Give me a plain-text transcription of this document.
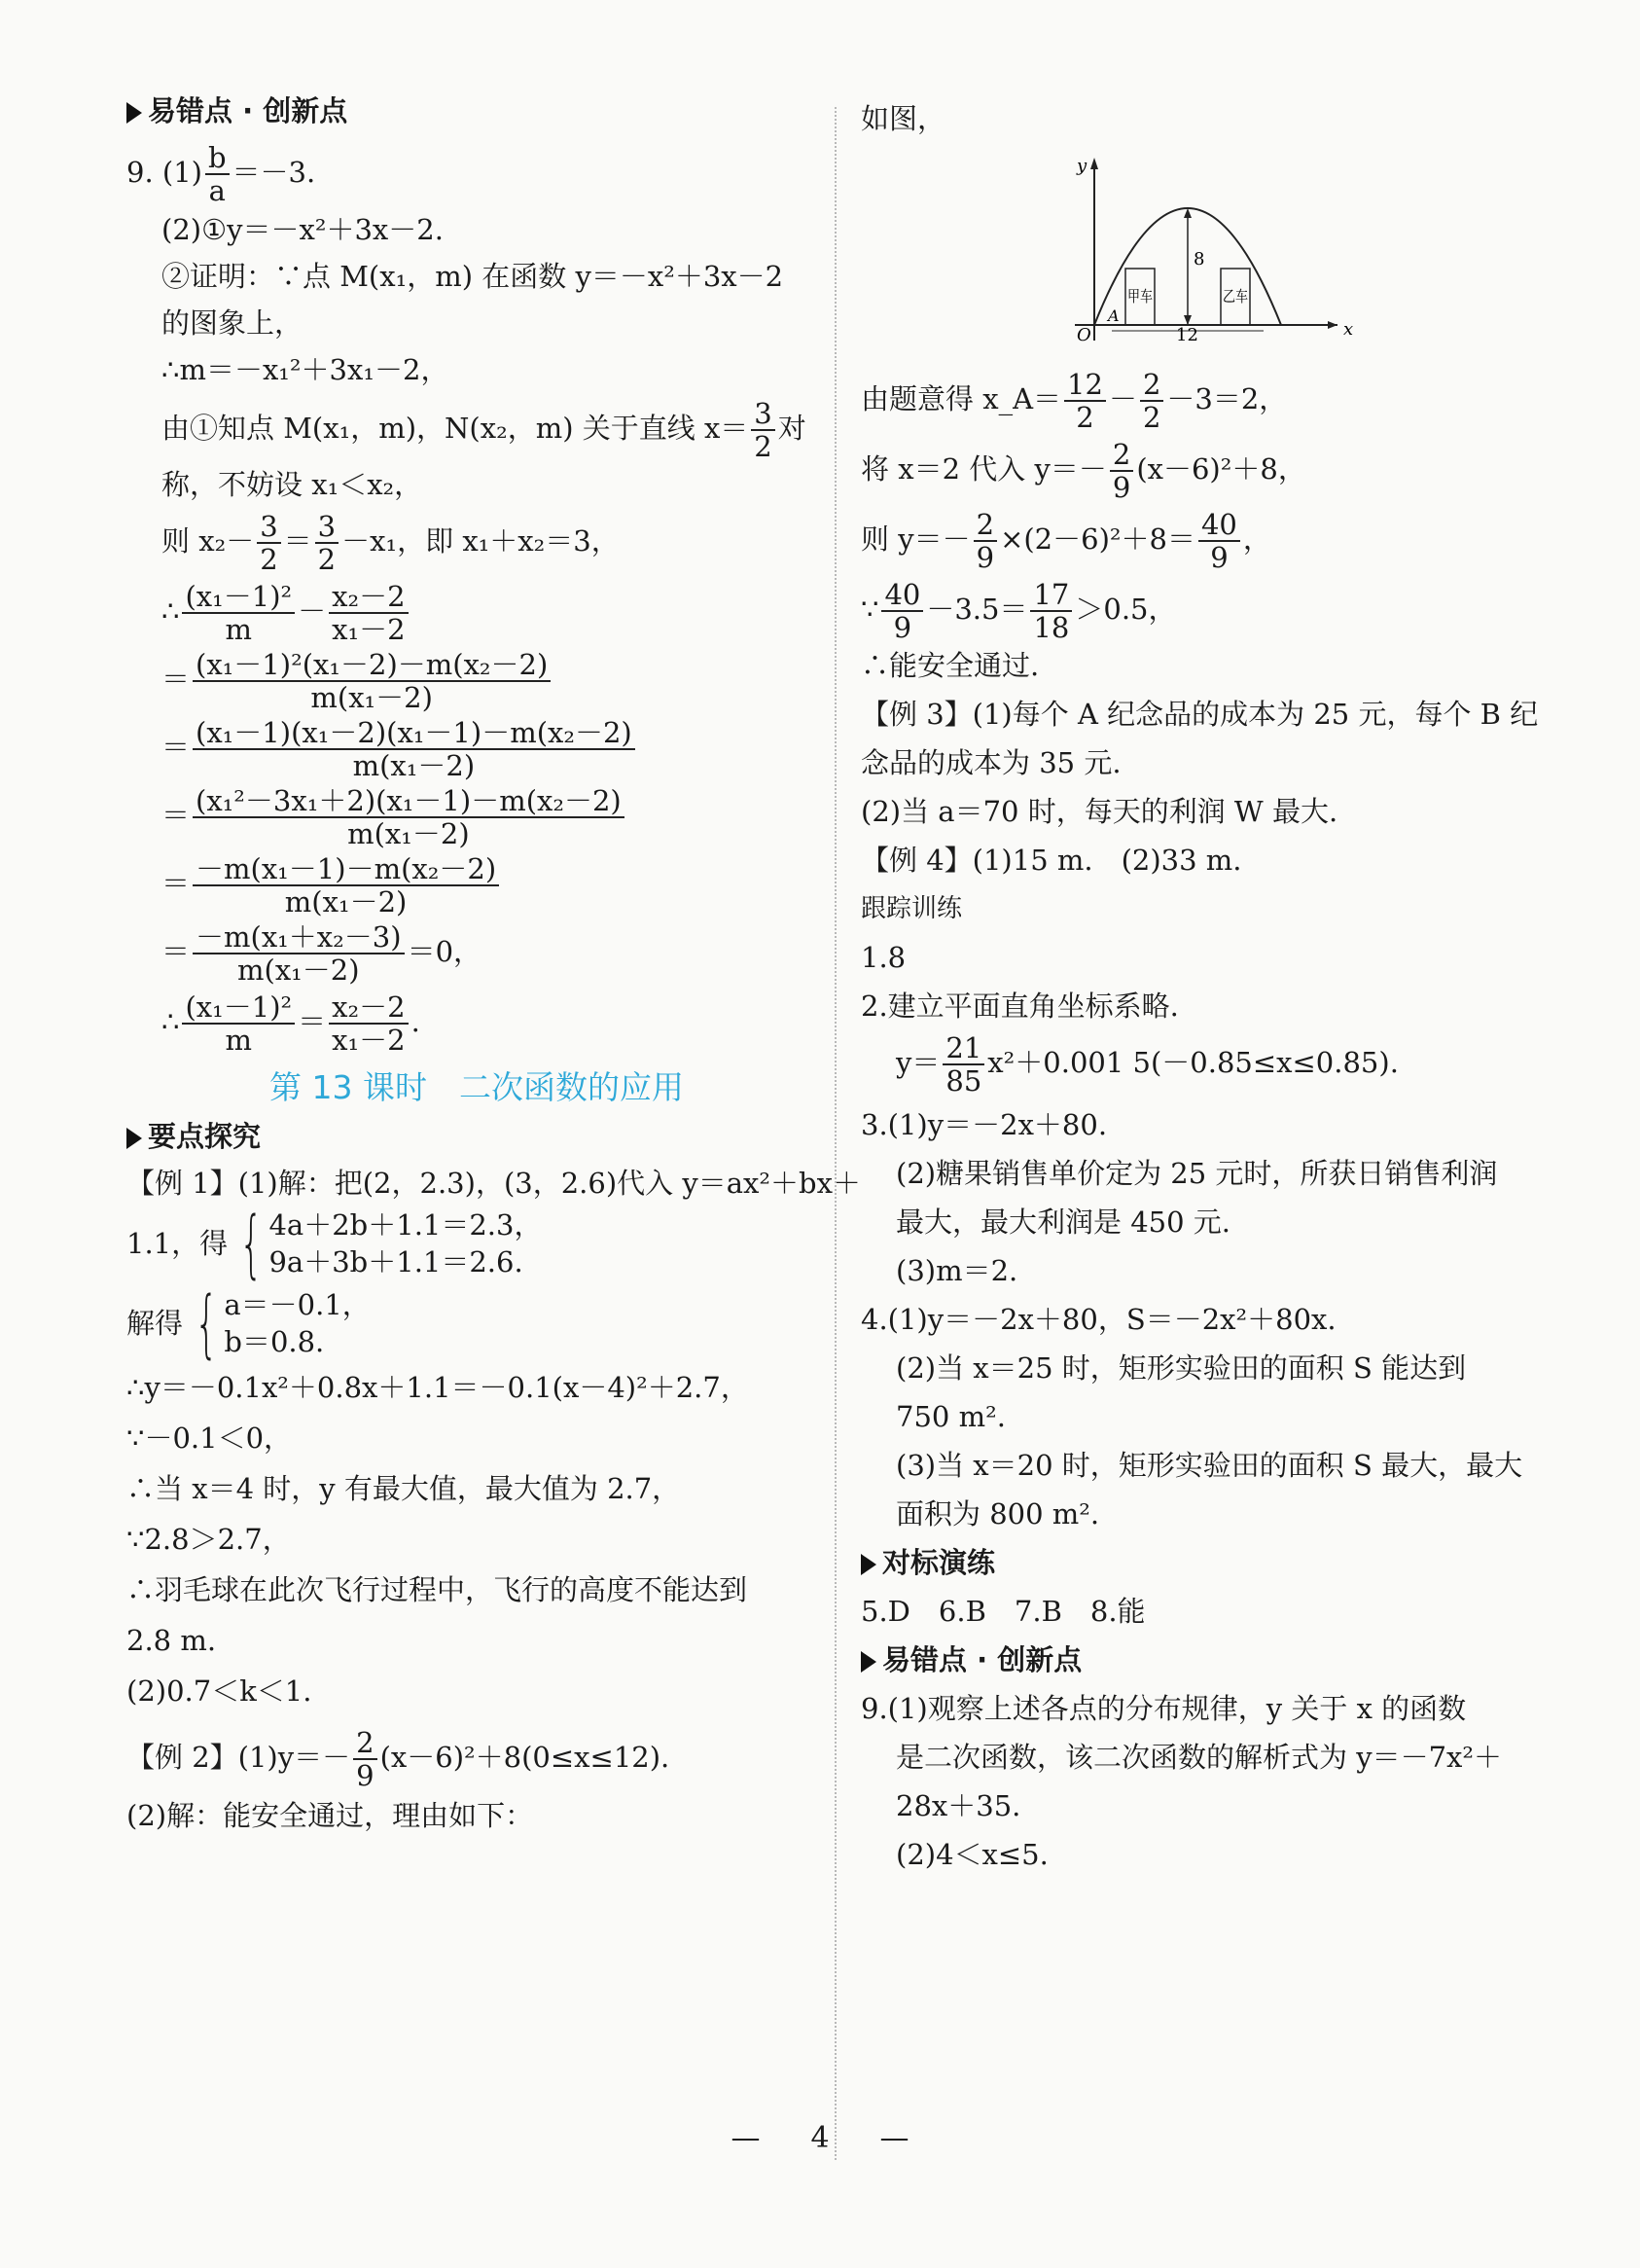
易错点 · 创新点

9. $(1) \frac{b}{a} =-3$.

(2)①y＝－x²＋3x－2.

②证明：∵点 M(x₁，m) 在函数 y＝－x²＋3x－2

的图象上，

∴m＝－x₁²＋3x₁－2，

由①知点 M(x₁，m)，N(x₂，m) 关于直线 $x= \frac{3}{2}$ 对

称，不妨设 x₁＜x₂，

则 $x_2- \frac{3}{2} = \frac{3}{2} -x_1$，即 x₁＋x₂＝3，

∴ $\frac{\text{(x₁－1)²}}{m} - \frac{\text{x₂－2}}{\text{x₁－2}}$

＝ $\frac{\text{(x₁－1)²(x₁－2)－m(x₂－2)}}{\text{m(x₁－2)}}$

＝ $\frac{\text{(x₁－1)(x₁－2)(x₁－1)－m(x₂－2)}}{\text{m(x₁－2)}}$

＝ $\frac{\text{(x₁²－3x₁＋2)(x₁－1)－m(x₂－2)}}{\text{m(x₁－2)}}$

＝ $\frac{\text{－m(x₁－1)－m(x₂－2)}}{\text{m(x₁－2)}}$

＝ $\frac{\text{－m(x₁＋x₂－3)}}{\text{m(x₁－2)}} =0$，

∴ $\frac{\text{(x₁－1)²}}{m} = \frac{\text{x₂－2}}{\text{x₁－2}}$ .

第 13 课时　二次函数的应用

要点探究

【例 1】(1)解：把(2，2.3)，(3，2.6)代入 y＝ax²＋bx＋

1.1，得 { 4a＋2b＋1.1＝2.3，
9a＋3b＋1.1＝2.6.

解得 { a＝－0.1，
b＝0.8.

∴y＝－0.1x²＋0.8x＋1.1＝－0.1(x－4)²＋2.7，

∵－0.1＜0，

∴当 x＝4 时，y 有最大值，最大值为 2.7，

∵2.8＞2.7，

∴羽毛球在此次飞行过程中，飞行的高度不能达到

2.8 m.

(2)0.7＜k＜1.

【例 2】$(1)y=- \frac{2}{9} (x-6)^2+8(0\le x\le 12)$.

(2)解：能安全通过，理由如下：

如图，

y
x
O
A
甲车	乙车
8
12

由题意得 x_A＝ $\frac{12}{2} - \frac{2}{2} -3=2$，

将 x＝2 代入 $y=- \frac{2}{9} (x-6)^2+8$，

则 $y=- \frac{2}{9} \times(2-6)^2+8= \frac{40}{9}$ ，

∵ $\frac{40}{9} -3.5= \frac{17}{18} >0.5$，

∴能安全通过.

【例 3】(1)每个 A 纪念品的成本为 25 元，每个 B 纪

念品的成本为 35 元.

(2)当 a＝70 时，每天的利润 W 最大.

【例 4】(1)15 m.　(2)33 m.

跟踪训练

1.8

2.建立平面直角坐标系略.

$y= \frac{21}{85} x^2+0.001$ 5(－0.85≤x≤0.85).

3.(1)y＝－2x＋80.

(2)糖果销售单价定为 25 元时，所获日销售利润

最大，最大利润是 450 元.

(3)m＝2.

4.(1)y＝－2x＋80，S＝－2x²＋80x.

(2)当 x＝25 时，矩形实验田的面积 S 能达到

750 m².

(3)当 x＝20 时，矩形实验田的面积 S 最大，最大

面积为 800 m².

对标演练

5.D　6.B　7.B　8.能

易错点 · 创新点

9.(1)观察上述各点的分布规律，y 关于 x 的函数

是二次函数，该二次函数的解析式为 y＝－7x²＋

28x＋35.

(2)4＜x≤5.

— 4 —
